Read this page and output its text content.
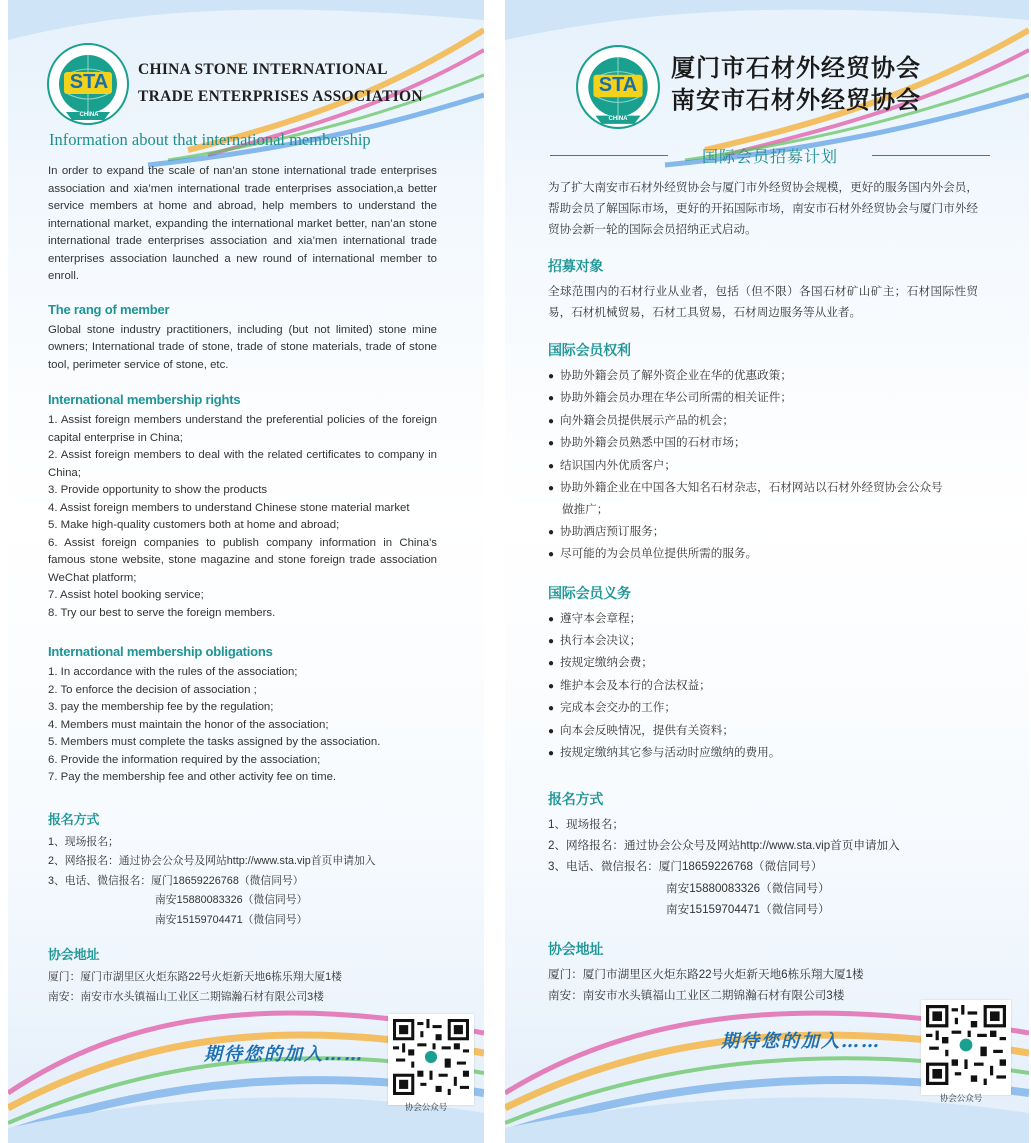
STA
CHINA
CHINA STONE INTERNATIONAL
TRADE ENTERPRISES ASSOCIATION
Information about that international membership
In order to expand the scale of nan’an stone international trade enterprises association and xia’men international trade enterprises association,a better service members at home and abroad, help members to understand the international market, expanding the international market better, nan’an stone international trade enterprises association and xia’men international trade enterprises association launched a new round of international member to enroll.
The rang of member
Global stone industry practitioners, including (but not limited) stone mine owners; International trade of stone, trade of stone materials, trade of stone tool, perimeter service of stone, etc.
International membership rights
1. Assist foreign members understand the preferential policies of the foreign capital enterprise in China;
2. Assist foreign members to deal with the related certificates to company in China;
3. Provide opportunity to show the products
4. Assist foreign members to understand Chinese stone material market
5. Make high-quality customers both at home and abroad;
6. Assist foreign companies to publish company information in China's famous stone website, stone magazine and stone foreign trade association WeChat platform;
7. Assist hotel booking service;
8. Try our best to serve the foreign members.
International membership obligations
1. In accordance with the rules of the association;
2. To enforce the decision of association ;
3. pay the membership fee by the regulation;
4. Members must maintain the honor of the association;
5. Members must complete the tasks assigned by the association.
6. Provide the information required by the association;
7. Pay the membership fee and other activity fee on time.
报名方式
1、现场报名；
2、网络报名：通过协会公众号及网站http://www.sta.vip首页申请加入
3、电话、微信报名：厦门18659226768（微信同号）
南安15880083326（微信同号）
南安15159704471（微信同号）
协会地址
厦门：厦门市湖里区火炬东路22号火炬新天地6栋乐翔大厦1楼
南安：南安市水头镇福山工业区二期锦瀚石材有限公司3楼
期待您的加入……
协会公众号
STA
CHINA
厦门市石材外经贸协会
南安市石材外经贸协会
国际会员招募计划
为了扩大南安市石材外经贸协会与厦门市外经贸协会规模，更好的服务国内外会员，帮助会员了解国际市场，更好的开拓国际市场，南安市石材外经贸协会与厦门市外经贸协会新一轮的国际会员招纳正式启动。
招募对象
全球范围内的石材行业从业者，包括（但不限）各国石材矿山矿主；石材国际性贸易，石材机械贸易，石材工具贸易，石材周边服务等从业者。
国际会员权利
● 协助外籍会员了解外资企业在华的优惠政策；
● 协助外籍会员办理在华公司所需的相关证件；
● 向外籍会员提供展示产品的机会；
● 协助外籍会员熟悉中国的石材市场；
● 结识国内外优质客户；
● 协助外籍企业在中国各大知名石材杂志，石材网站以石材外经贸协会公众号
做推广；
● 协助酒店预订服务；
● 尽可能的为会员单位提供所需的服务。
国际会员义务
● 遵守本会章程；
● 执行本会决议；
● 按规定缴纳会费；
● 维护本会及本行的合法权益；
● 完成本会交办的工作；
● 向本会反映情况，提供有关资料；
● 按规定缴纳其它参与活动时应缴纳的费用。
报名方式
1、现场报名；
2、网络报名：通过协会公众号及网站http://www.sta.vip首页申请加入
3、电话、微信报名：厦门18659226768（微信同号）
南安15880083326（微信同号）
南安15159704471（微信同号）
协会地址
厦门：厦门市湖里区火炬东路22号火炬新天地6栋乐翔大厦1楼
南安：南安市水头镇福山工业区二期锦瀚石材有限公司3楼
期待您的加入……
协会公众号
